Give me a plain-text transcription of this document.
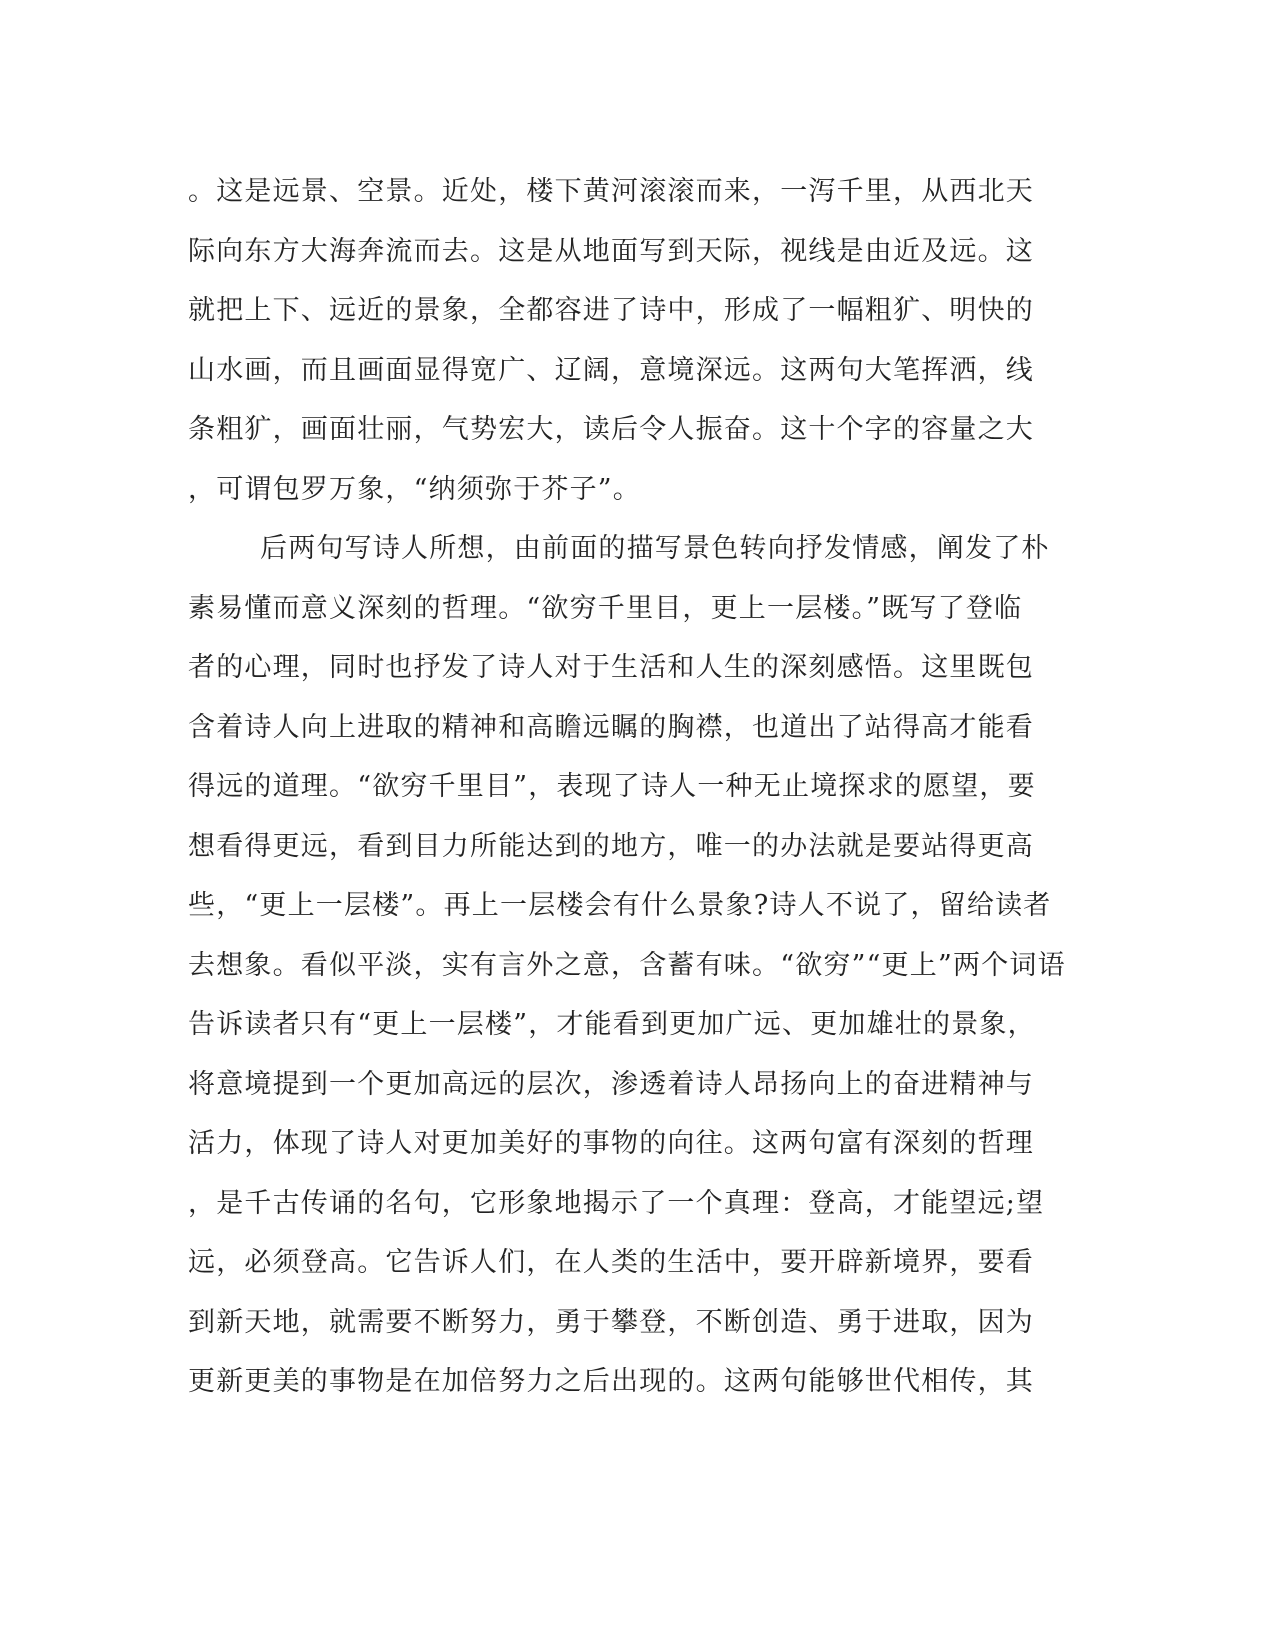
。这是远景、空景。近处，楼下黄河滚滚而来，一泻千里，从西北天
际向东方大海奔流而去。这是从地面写到天际，视线是由近及远。这
就把上下、远近的景象，全都容进了诗中，形成了一幅粗犷、明快的
山水画，而且画面显得宽广、辽阔，意境深远。这两句大笔挥洒，线
条粗犷，画面壮丽，气势宏大，读后令人振奋。这十个字的容量之大
，可谓包罗万象，“纳须弥于芥子”。
后两句写诗人所想，由前面的描写景色转向抒发情感，阐发了朴
素易懂而意义深刻的哲理。“欲穷千里目，更上一层楼。”既写了登临
者的心理，同时也抒发了诗人对于生活和人生的深刻感悟。这里既包
含着诗人向上进取的精神和高瞻远瞩的胸襟，也道出了站得高才能看
得远的道理。“欲穷千里目”，表现了诗人一种无止境探求的愿望，要
想看得更远，看到目力所能达到的地方，唯一的办法就是要站得更高
些，“更上一层楼”。再上一层楼会有什么景象?诗人不说了，留给读者
去想象。看似平淡，实有言外之意，含蓄有味。“欲穷”“更上”两个词语
告诉读者只有“更上一层楼”，才能看到更加广远、更加雄壮的景象，
将意境提到一个更加高远的层次，渗透着诗人昂扬向上的奋进精神与
活力，体现了诗人对更加美好的事物的向往。这两句富有深刻的哲理
，是千古传诵的名句，它形象地揭示了一个真理：登高，才能望远;望
远，必须登高。它告诉人们，在人类的生活中，要开辟新境界，要看
到新天地，就需要不断努力，勇于攀登，不断创造、勇于进取，因为
更新更美的事物是在加倍努力之后出现的。这两句能够世代相传，其
